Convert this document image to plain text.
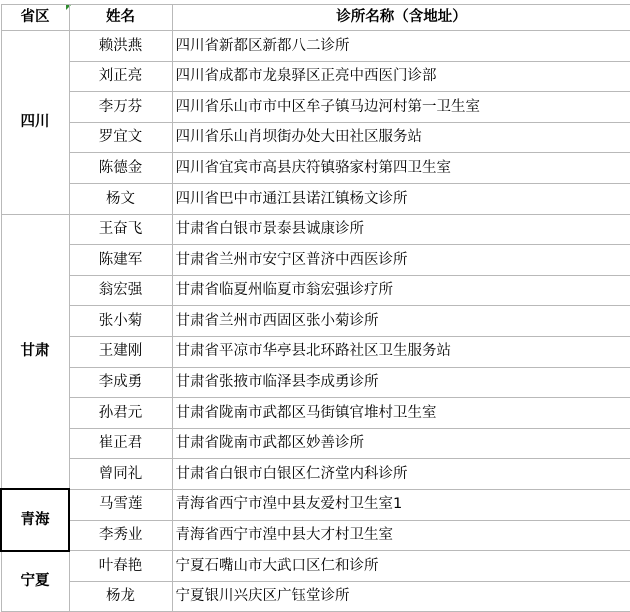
省区	姓名	诊所名称（含地址）
四川	赖洪燕	四川省新都区新都八二诊所
	刘正亮	四川省成都市龙泉驿区正亮中西医门诊部
	李万芬	四川省乐山市市中区牟子镇马边河村第一卫生室
	罗宜文	四川省乐山肖坝街办处大田社区服务站
	陈德金	四川省宜宾市高县庆符镇骆家村第四卫生室
	杨文	四川省巴中市通江县诺江镇杨文诊所
甘肃	王奋飞	甘肃省白银市景泰县诚康诊所
	陈建军	甘肃省兰州市安宁区普济中西医诊所
	翁宏强	甘肃省临夏州临夏市翁宏强诊疗所
	张小菊	甘肃省兰州市西固区张小菊诊所
	王建刚	甘肃省平凉市华亭县北环路社区卫生服务站
	李成勇	甘肃省张掖市临泽县李成勇诊所
	孙君元	甘肃省陇南市武都区马街镇官堆村卫生室
	崔正君	甘肃省陇南市武都区妙善诊所
	曾同礼	甘肃省白银市白银区仁济堂内科诊所
青海	马雪莲	青海省西宁市湟中县友爱村卫生室1
	李秀业	青海省西宁市湟中县大才村卫生室
宁夏	叶春艳	宁夏石嘴山市大武口区仁和诊所
	杨龙	宁夏银川兴庆区广钰堂诊所
